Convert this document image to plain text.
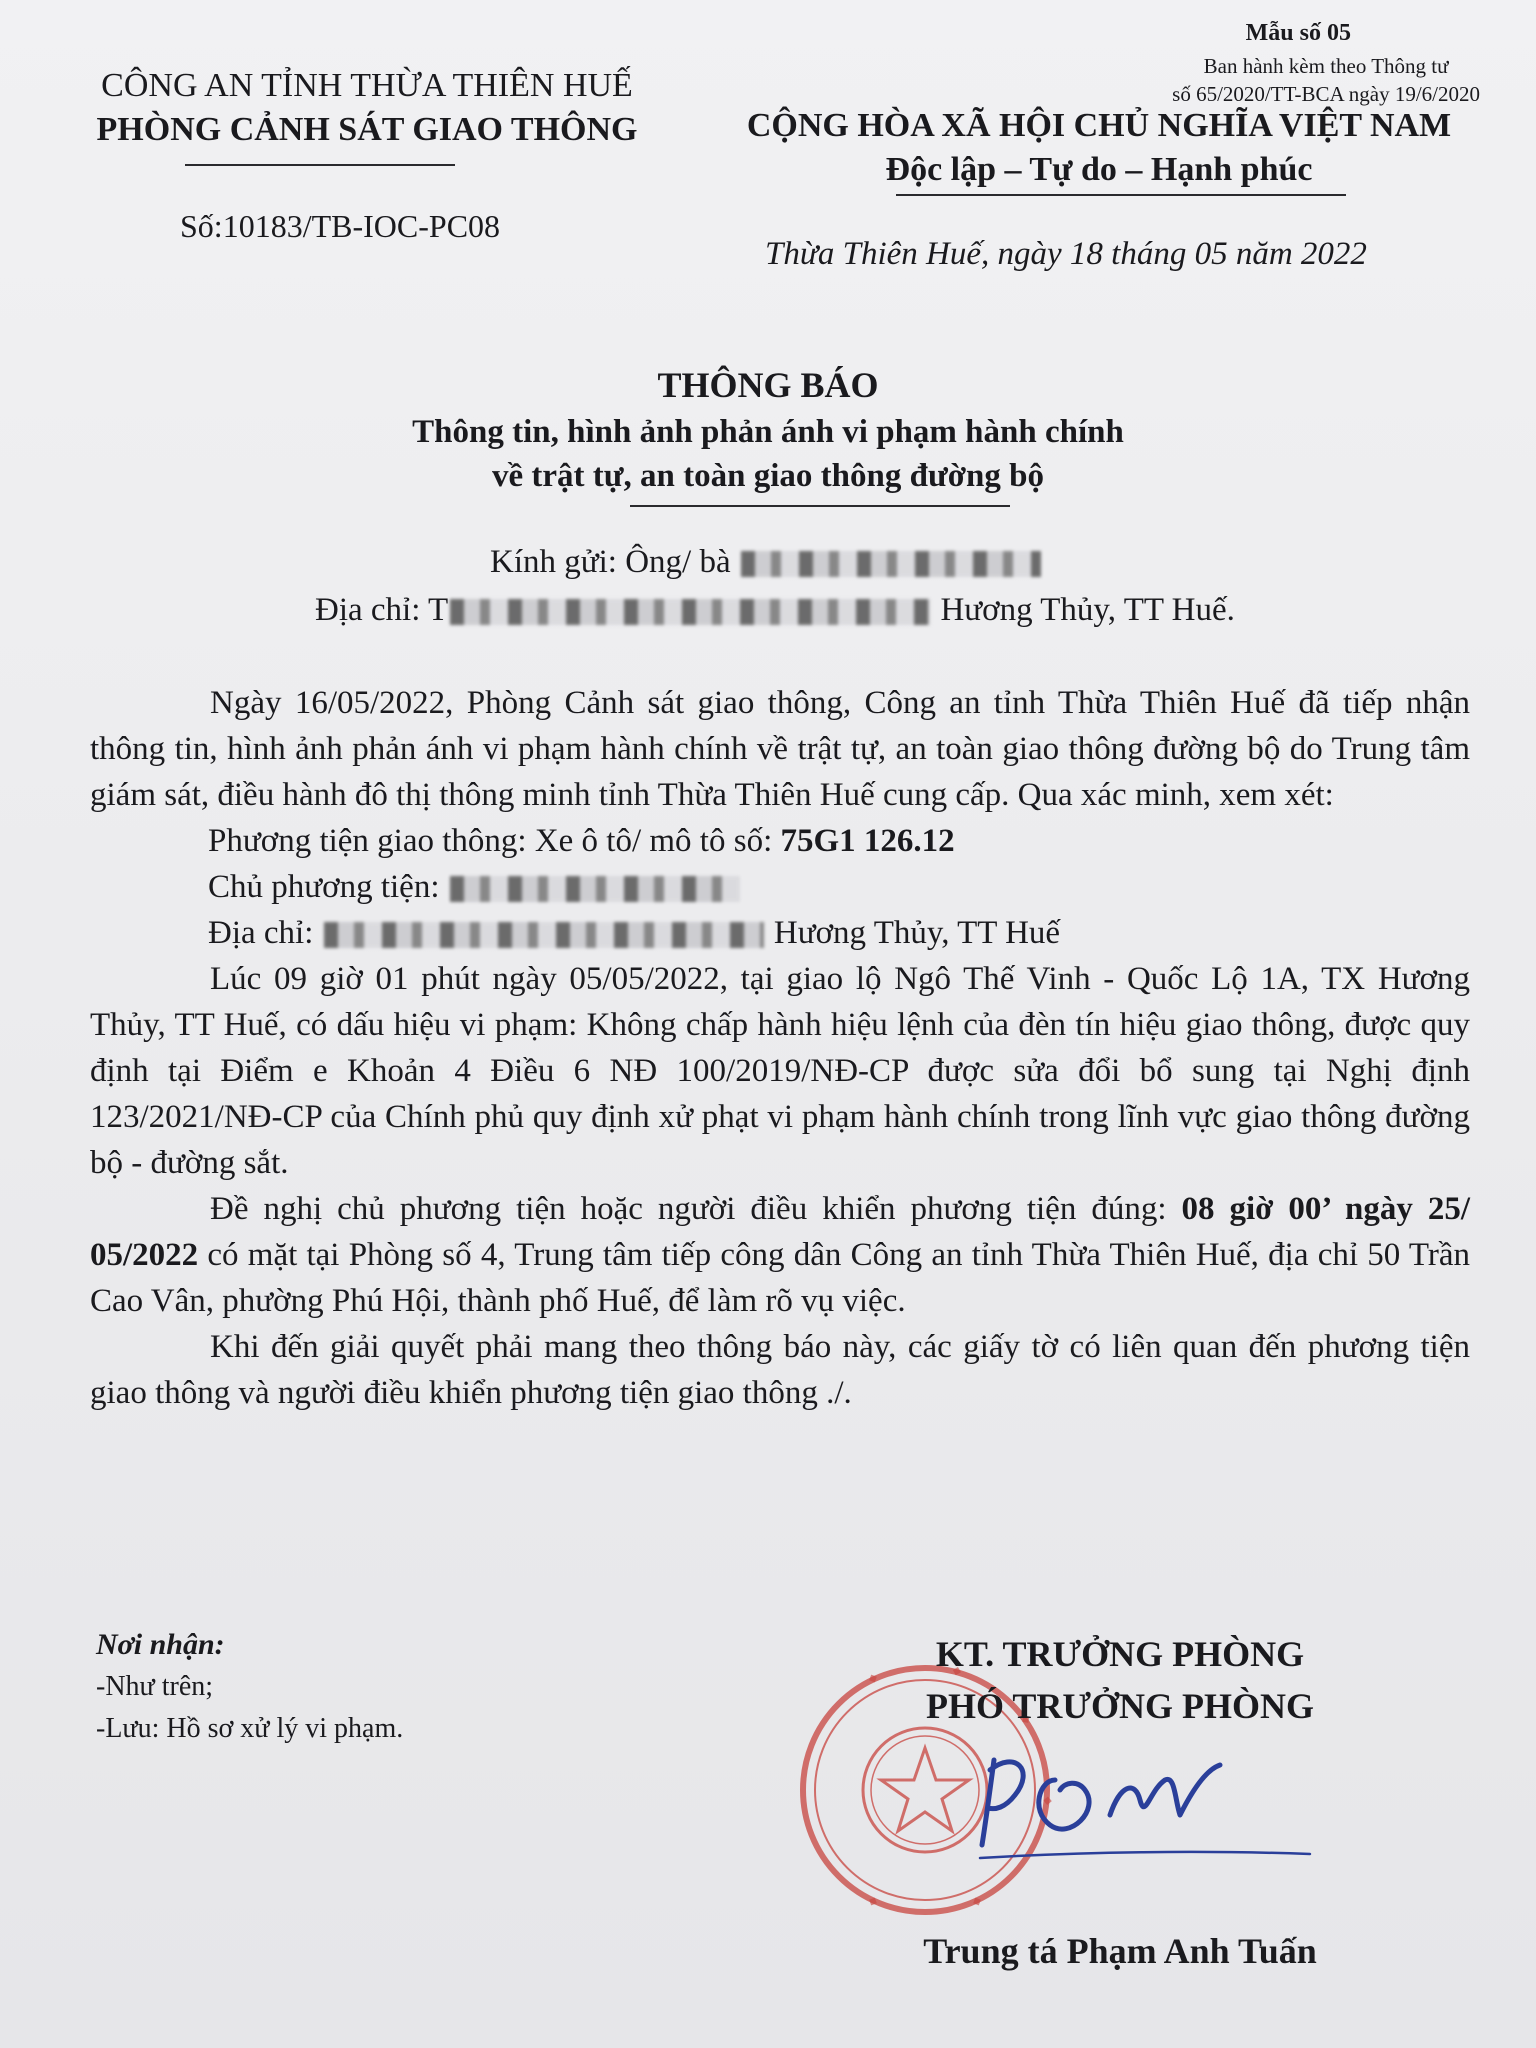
Mẫu số 05
Ban hành kèm theo Thông tư
số 65/2020/TT-BCA ngày 19/6/2020
CÔNG AN TỈNH THỪA THIÊN HUẾ
PHÒNG CẢNH SÁT GIAO THÔNG
Số:10183/TB-IOC-PC08
CỘNG HÒA XÃ HỘI CHỦ NGHĨA VIỆT NAM
Độc lập – Tự do – Hạnh phúc
Thừa Thiên Huế, ngày 18 tháng 05 năm 2022
THÔNG BÁO
Thông tin, hình ảnh phản ánh vi phạm hành chính
về trật tự, an toàn giao thông đường bộ
Kính gửi: Ông/ bà
Địa chỉ: T	Hương Thủy, TT Huế.

Ngày 16/05/2022, Phòng Cảnh sát giao thông, Công an tỉnh Thừa Thiên Huế đã tiếp nhận thông tin, hình ảnh phản ánh vi phạm hành chính về trật tự, an toàn giao thông đường bộ do Trung tâm giám sát, điều hành đô thị thông minh tỉnh Thừa Thiên Huế cung cấp. Qua xác minh, xem xét:

Phương tiện giao thông: Xe ô tô/ mô tô số: 75G1 126.12

Chủ phương tiện:

Địa chỉ:	Hương Thủy, TT Huế

Lúc 09 giờ 01 phút ngày 05/05/2022, tại giao lộ Ngô Thế Vinh - Quốc Lộ 1A, TX Hương Thủy, TT Huế, có dấu hiệu vi phạm: Không chấp hành hiệu lệnh của đèn tín hiệu giao thông, được quy định tại Điểm e Khoản 4 Điều 6 NĐ 100/2019/NĐ-CP được sửa đổi bổ sung tại Nghị định 123/2021/NĐ-CP của Chính phủ quy định xử phạt vi phạm hành chính trong lĩnh vực giao thông đường bộ - đường sắt.

Đề nghị chủ phương tiện hoặc người điều khiển phương tiện đúng: 08 giờ 00’ ngày 25/ 05/2022 có mặt tại Phòng số 4, Trung tâm tiếp công dân Công an tỉnh Thừa Thiên Huế, địa chỉ 50 Trần Cao Vân, phường Phú Hội, thành phố Huế, để làm rõ vụ việc.

Khi đến giải quyết phải mang theo thông báo này, các giấy tờ có liên quan đến phương tiện giao thông và người điều khiển phương tiện giao thông ./.

Nơi nhận:
-Như trên;
-Lưu: Hồ sơ xử lý vi phạm.
KT. TRƯỞNG PHÒNG
PHÓ TRƯỞNG PHÒNG
Trung tá Phạm Anh Tuấn
